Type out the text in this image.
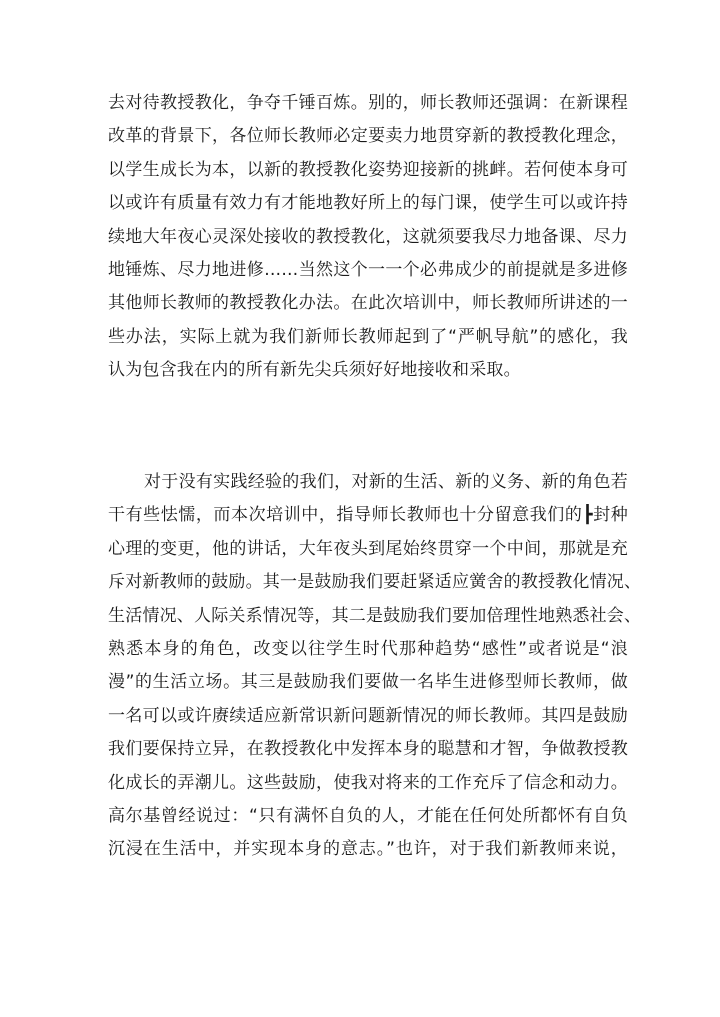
去对待教授教化，争夺千锤百炼。别的，师长教师还强调：在新课程
改革的背景下，各位师长教师必定要卖力地贯穿新的教授教化理念，
以学生成长为本，以新的教授教化姿势迎接新的挑衅。若何使本身可
以或许有质量有效力有才能地教好所上的每门课，使学生可以或许持
续地大年夜心灵深处接收的教授教化，这就须要我尽力地备课、尽力
地锤炼、尽力地进修……当然这个一一个必弗成少的前提就是多进修
其他师长教师的教授教化办法。在此次培训中，师长教师所讲述的一
些办法，实际上就为我们新师长教师起到了“严帆导航”的感化，我
认为包含我在内的所有新先尖兵须好好地接收和采取。
对于没有实践经验的我们，对新的生活、新的义务、新的角色若
干有些怯懦，而本次培训中，指导师长教师也十分留意我们的┣封种
心理的变更，他的讲话，大年夜头到尾始终贯穿一个中间，那就是充
斥对新教师的鼓励。其一是鼓励我们要赶紧适应黉舍的教授教化情况、
生活情况、人际关系情况等，其二是鼓励我们要加倍理性地熟悉社会、
熟悉本身的角色，改变以往学生时代那种趋势“感性”或者说是“浪
漫”的生活立场。其三是鼓励我们要做一名毕生进修型师长教师，做
一名可以或许赓续适应新常识新问题新情况的师长教师。其四是鼓励
我们要保持立异，在教授教化中发挥本身的聪慧和才智，争做教授教
化成长的弄潮儿。这些鼓励，使我对将来的工作充斥了信念和动力。
高尔基曾经说过：“只有满怀自负的人，才能在任何处所都怀有自负
沉浸在生活中，并实现本身的意志。”也许，对于我们新教师来说，
